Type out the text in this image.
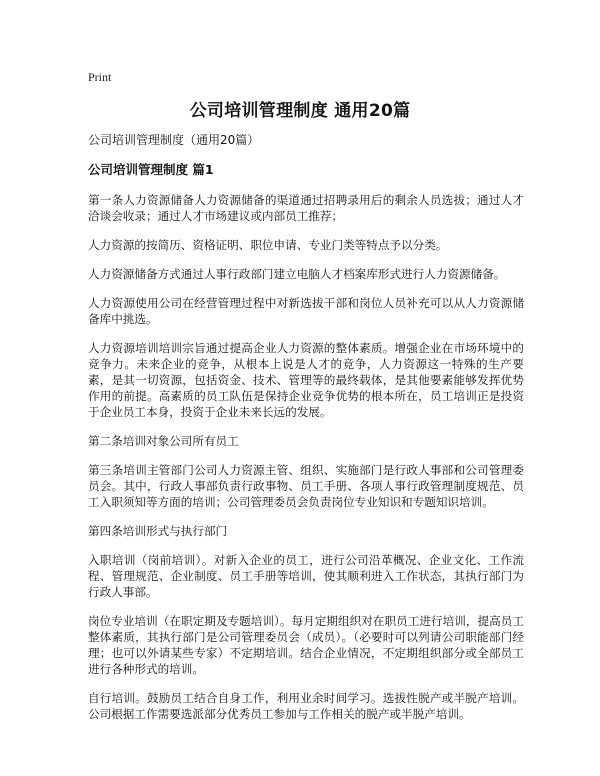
Print
公司培训管理制度 通用20篇

公司培训管理制度（通用20篇）

公司培训管理制度 篇1

第一条人力资源储备人力资源储备的渠道通过招聘录用后的剩余人员选拔；通过人才洽谈会收录；通过人才市场建议或内部员工推荐；

人力资源的按简历、资格证明、职位申请、专业门类等特点予以分类。

人力资源储备方式通过人事行政部门建立电脑人才档案库形式进行人力资源储备。

人力资源使用公司在经营管理过程中对新选拔干部和岗位人员补充可以从人力资源储备库中挑选。

人力资源培训培训宗旨通过提高企业人力资源的整体素质。增强企业在市场环境中的竞争力。未来企业的竞争，从根本上说是人才的竞争，人力资源这一特殊的生产要素，是其一切资源，包括资金、技术、管理等的最终载体，是其他要素能够发挥优势作用的前提。高素质的员工队伍是保持企业竞争优势的根本所在，员工培训正是投资于企业员工本身，投资于企业未来长远的发展。

第二条培训对象公司所有员工

第三条培训主管部门公司人力资源主管、组织、实施部门是行政人事部和公司管理委员会。其中，行政人事部负责行政事物、员工手册、各项人事行政管理制度规范、员工入职须知等方面的培训；公司管理委员会负责岗位专业知识和专题知识培训。

第四条培训形式与执行部门

入职培训（岗前培训）。对新入企业的员工，进行公司沿革概况、企业文化、工作流程、管理规范、企业制度、员工手册等培训，使其顺利进入工作状态，其执行部门为行政人事部。

岗位专业培训（在职定期及专题培训）。每月定期组织对在职员工进行培训，提高员工整体素质，其执行部门是公司管理委员会（成员）。（必要时可以列请公司职能部门经理；也可以外请某些专家）不定期培训。结合企业情况，不定期组织部分或全部员工进行各种形式的培训。

自行培训。鼓励员工结合自身工作，利用业余时间学习。选拔性脱产或半脱产培训。公司根据工作需要选派部分优秀员工参加与工作相关的脱产或半脱产培训。
